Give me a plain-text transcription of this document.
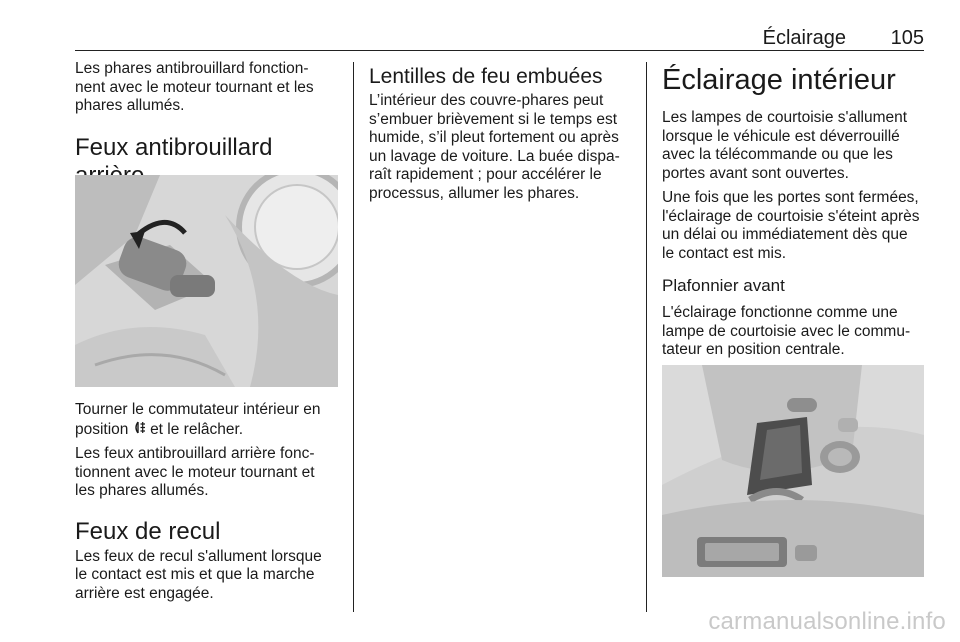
Éclairage 105

Les phares antibrouillard fonction-
nent avec le moteur tournant et les
phares allumés.

Feux antibrouillard

Tourner le commutateur intérieur en
position et le relâcher.

Les feux antibrouillard arrière fonc-
tionnent avec le moteur tournant et
les phares allumés.

Feux de recul

Les feux de recul s'allument lorsque
le contact est mis et que la marche
arrière est engagée.

Lentilles de feu embuées

L’intérieur des couvre-phares peut
s’embuer brièvement si le temps est
humide, s’il pleut fortement ou après
un lavage de voiture. La buée dispa-
raît rapidement ; pour accélérer le
processus, allumer les phares.

Éclairage intérieur

Les lampes de courtoisie s'allument
lorsque le véhicule est déverrouillé
avec la télécommande ou que les
portes avant sont ouvertes.

Une fois que les portes sont fermées,
l'éclairage de courtoisie s'éteint après
un délai ou immédiatement dès que
le contact est mis.

Plafonnier avant

L'éclairage fonctionne comme une
lampe de courtoisie avec le commu-
tateur en position centrale.

carmanualsonline.info
